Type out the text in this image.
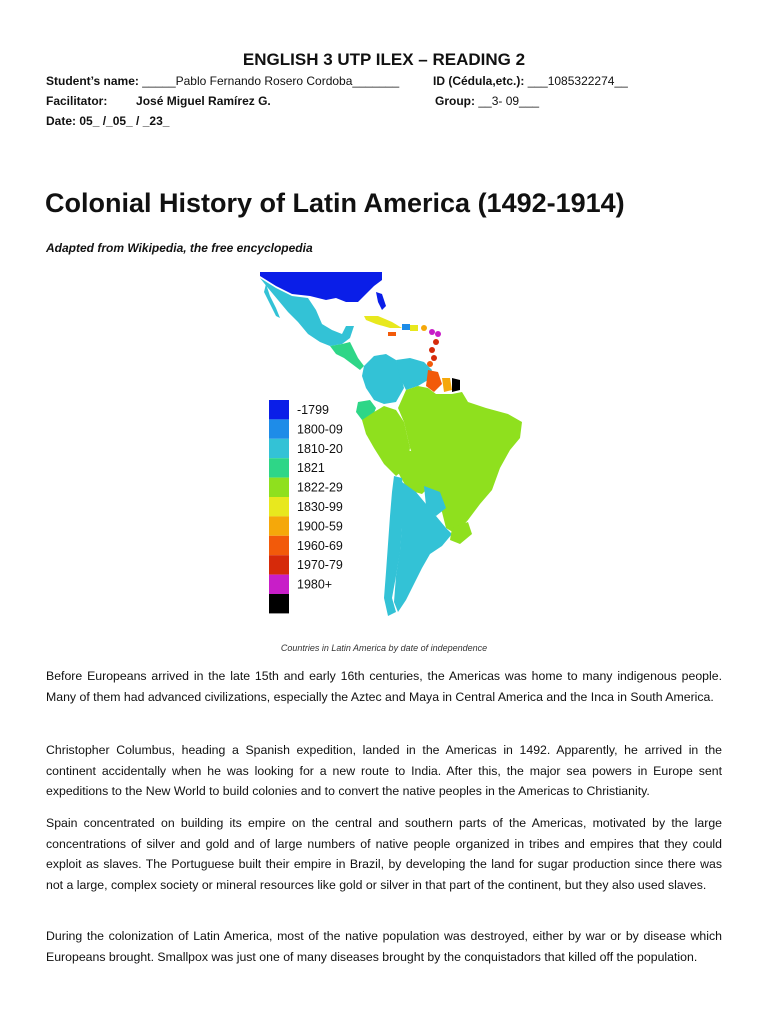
ENGLISH 3 UTP ILEX – READING 2
Student’s name: _____Pablo Fernando Rosero Cordoba_______	ID (Cédula,etc.): ___1085322274__
Facilitator: José Miguel Ramírez G.	Group: __3- 09___
Date: 05_ /_05_ / _23_
Colonial History of Latin America (1492-1914)
Adapted from Wikipedia, the free encyclopedia
-1799
1800-09
1810-20
1821
1822-29
1830-99
1900-59
1960-69
1970-79
1980+
Countries in Latin America by date of independence

Before Europeans arrived in the late 15th and early 16th centuries, the Americas was home to many indigenous people. Many of them had advanced civilizations, especially the Aztec and Maya in Central America and the Inca in South America.

Christopher Columbus, heading a Spanish expedition, landed in the Americas in 1492. Apparently, he arrived in the continent accidentally when he was looking for a new route to India. After this, the major sea powers in Europe sent expeditions to the New World to build colonies and to convert the native peoples in the Americas to Christianity.

Spain concentrated on building its empire on the central and southern parts of the Americas, motivated by the large concentrations of silver and gold and of large numbers of native people organized in tribes and empires that they could exploit as slaves. The Portuguese built their empire in Brazil, by developing the land for sugar production since there was not a large, complex society or mineral resources like gold or silver in that part of the continent, but they also used slaves.

During the colonization of Latin America, most of the native population was destroyed, either by war or by disease which Europeans brought. Smallpox was just one of many diseases brought by the conquistadors that killed off the population.
